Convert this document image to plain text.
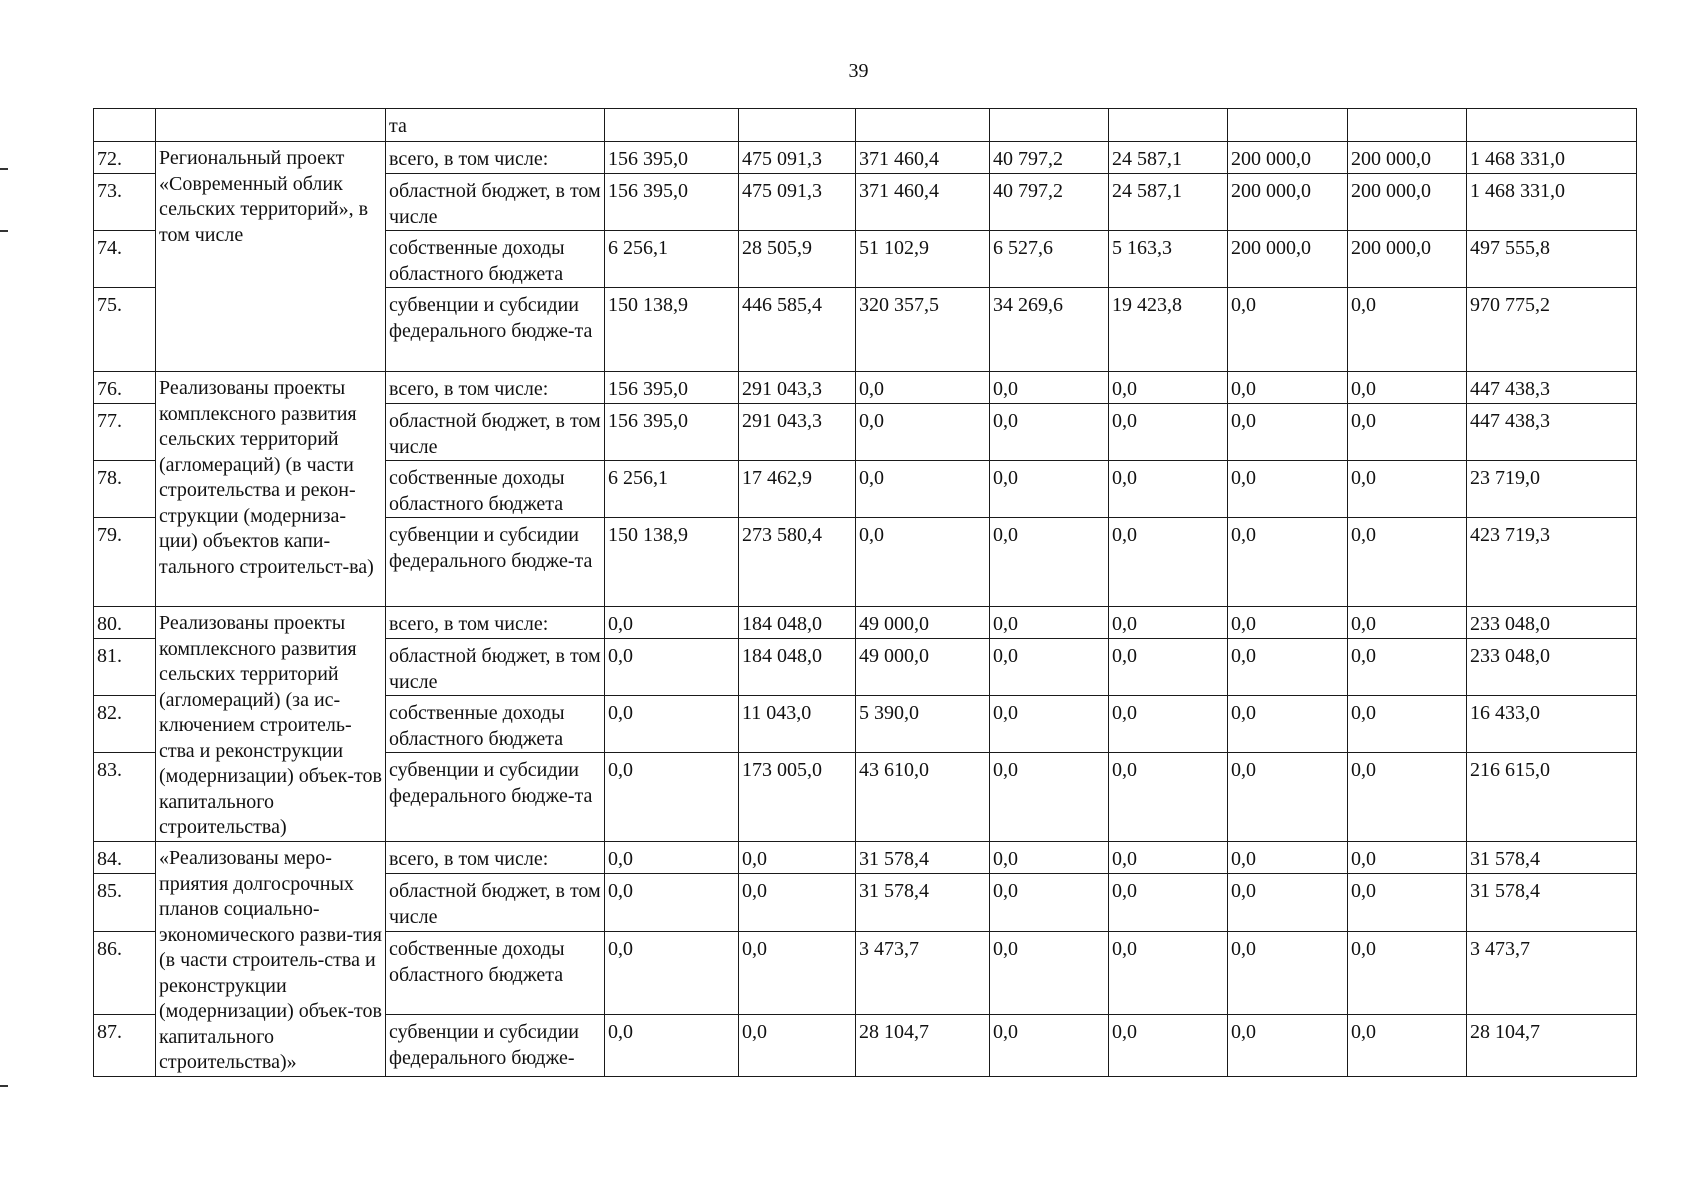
39
		та								
72.	Региональный проект «Современный облик сельских территорий», в том числе	всего, в том числе:	156 395,0	475 091,3	371 460,4	40 797,2	24 587,1	200 000,0	200 000,0	1 468 331,0
73.		областной бюджет, в том числе	156 395,0	475 091,3	371 460,4	40 797,2	24 587,1	200 000,0	200 000,0	1 468 331,0
74.		собственные доходы областного бюджета	6 256,1	28 505,9	51 102,9	6 527,6	5 163,3	200 000,0	200 000,0	497 555,8
75.		субвенции и субсидии федерального бюдже-та	150 138,9	446 585,4	320 357,5	34 269,6	19 423,8	0,0	0,0	970 775,2
76.	Реализованы проекты комплексного развития сельских территорий (агломераций) (в части строительства и рекон-струкции (модерниза-ции) объектов капи-тального строительст-ва)	всего, в том числе:	156 395,0	291 043,3	0,0	0,0	0,0	0,0	0,0	447 438,3
77.		областной бюджет, в том числе	156 395,0	291 043,3	0,0	0,0	0,0	0,0	0,0	447 438,3
78.		собственные доходы областного бюджета	6 256,1	17 462,9	0,0	0,0	0,0	0,0	0,0	23 719,0
79.		субвенции и субсидии федерального бюдже-та	150 138,9	273 580,4	0,0	0,0	0,0	0,0	0,0	423 719,3
80.	Реализованы проекты комплексного развития сельских территорий (агломераций) (за ис-ключением строитель-ства и реконструкции (модернизации) объек-тов капитального строительства)	всего, в том числе:	0,0	184 048,0	49 000,0	0,0	0,0	0,0	0,0	233 048,0
81.		областной бюджет, в том числе	0,0	184 048,0	49 000,0	0,0	0,0	0,0	0,0	233 048,0
82.		собственные доходы областного бюджета	0,0	11 043,0	5 390,0	0,0	0,0	0,0	0,0	16 433,0
83.		субвенции и субсидии федерального бюдже-та	0,0	173 005,0	43 610,0	0,0	0,0	0,0	0,0	216 615,0
84.	«Реализованы меро-приятия долгосрочных планов социально-экономического разви-тия (в части строитель-ства и реконструкции (модернизации) объек-тов капитального строительства)»	всего, в том числе:	0,0	0,0	31 578,4	0,0	0,0	0,0	0,0	31 578,4
85.		областной бюджет, в том числе	0,0	0,0	31 578,4	0,0	0,0	0,0	0,0	31 578,4
86.		собственные доходы областного бюджета	0,0	0,0	3 473,7	0,0	0,0	0,0	0,0	3 473,7
87.		субвенции и субсидии федерального бюдже-	0,0	0,0	28 104,7	0,0	0,0	0,0	0,0	28 104,7
